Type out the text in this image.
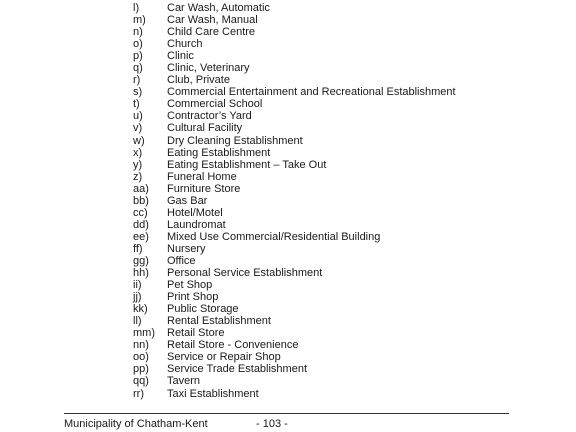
l)	Car Wash, Automatic
m) Car Wash, Manual
n) Child Care Centre
o) Church
p) Clinic
q) Clinic, Veterinary
r) Club, Private
s) Commercial Entertainment and Recreational Establishment
t) Commercial School
u) Contractor’s Yard
v) Cultural Facility
w) Dry Cleaning Establishment
x) Eating Establishment
y) Eating Establishment – Take Out
z) Funeral Home
aa) Furniture Store
bb) Gas Bar
cc) Hotel/Motel
dd) Laundromat
ee) Mixed Use Commercial/Residential Building
ff) Nursery
gg) Office
hh) Personal Service Establishment
ii) Pet Shop
jj) Print Shop
kk) Public Storage
ll) Rental Establishment
mm) Retail Store
nn) Retail Store - Convenience
oo) Service or Repair Shop
pp) Service Trade Establishment
qq) Tavern
rr) Taxi Establishment
Municipality of Chatham-Kent	- 103 -
